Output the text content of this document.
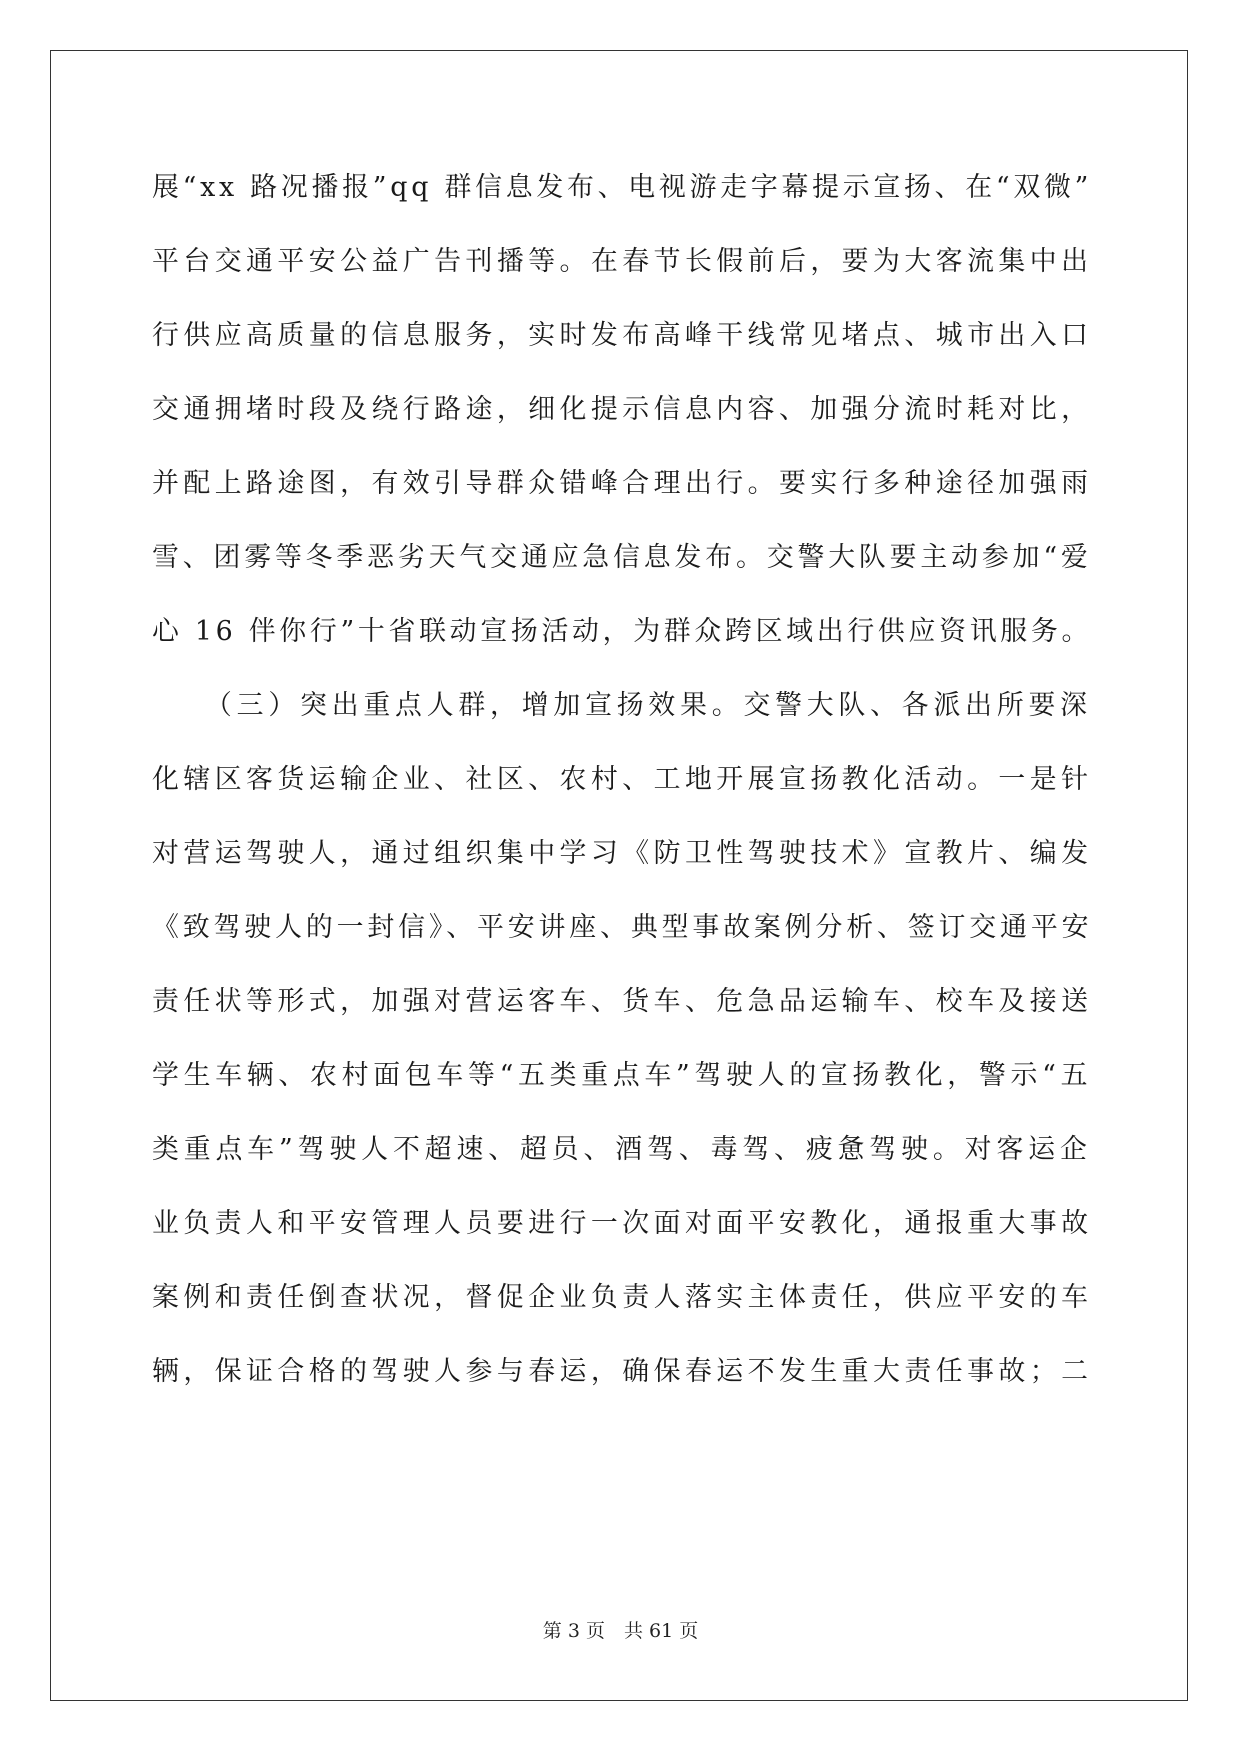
展“xx 路况播报”qq 群信息发布、电视游走字幕提示宣扬、在“双微”
平台交通平安公益广告刊播等。在春节长假前后，要为大客流集中出
行供应高质量的信息服务，实时发布高峰干线常见堵点、城市出入口
交通拥堵时段及绕行路途，细化提示信息内容、加强分流时耗对比，
并配上路途图，有效引导群众错峰合理出行。要实行多种途径加强雨
雪、团雾等冬季恶劣天气交通应急信息发布。交警大队要主动参加“爱
心 16 伴你行”十省联动宣扬活动，为群众跨区域出行供应资讯服务。
（三）突出重点人群，增加宣扬效果。交警大队、各派出所要深
化辖区客货运输企业、社区、农村、工地开展宣扬教化活动。一是针
对营运驾驶人，通过组织集中学习《防卫性驾驶技术》宣教片、编发
《致驾驶人的一封信》、平安讲座、典型事故案例分析、签订交通平安
责任状等形式，加强对营运客车、货车、危急品运输车、校车及接送
学生车辆、农村面包车等“五类重点车”驾驶人的宣扬教化，警示“五
类重点车”驾驶人不超速、超员、酒驾、毒驾、疲惫驾驶。对客运企
业负责人和平安管理人员要进行一次面对面平安教化，通报重大事故
案例和责任倒查状况，督促企业负责人落实主体责任，供应平安的车
辆，保证合格的驾驶人参与春运，确保春运不发生重大责任事故；二
第 3 页　共 61 页
